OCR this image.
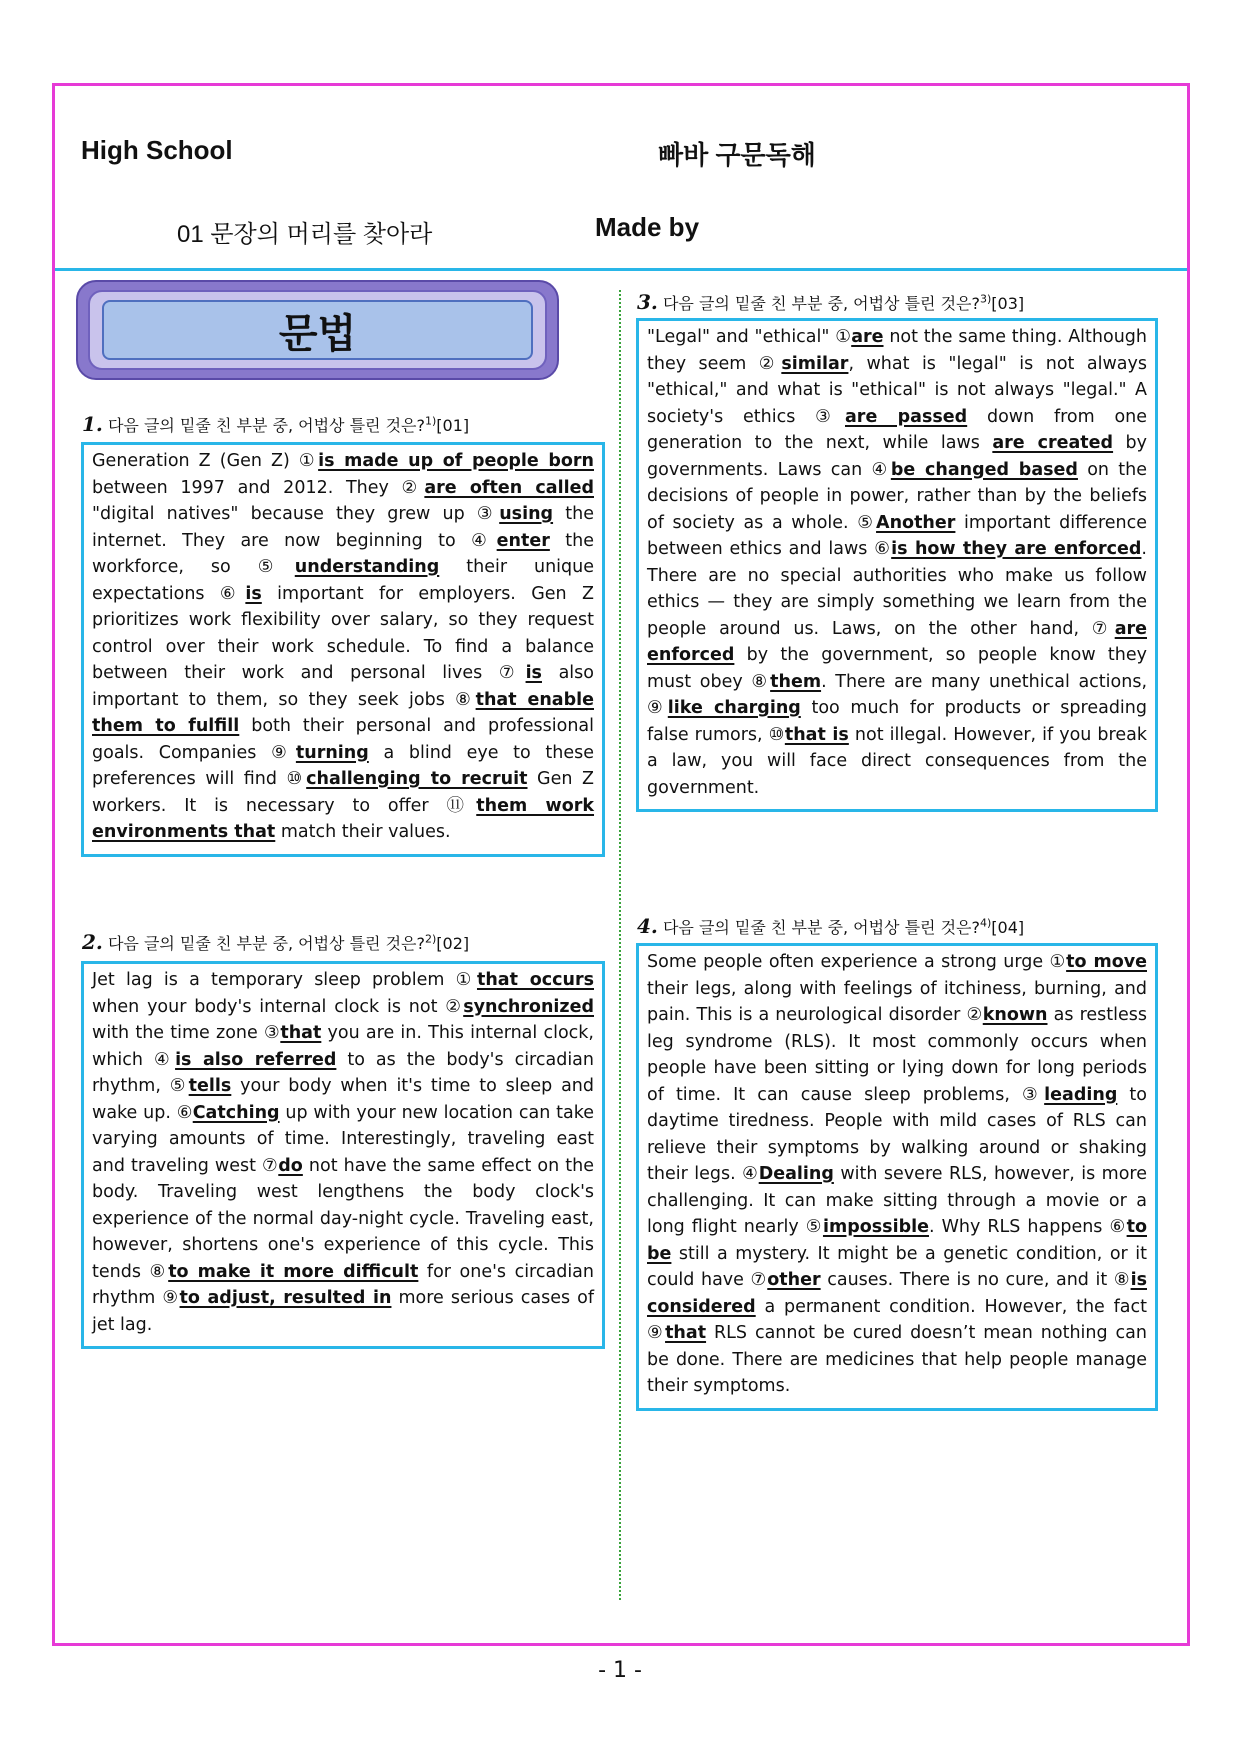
High School	빠바 구문독해
01 문장의 머리를 찾아라	Made by
문법
1. 다음 글의 밑줄 친 부분 중, 어법상 틀린 것은?$^{1)}$[01]
Generation Z (Gen Z) ①is made up of people born between 1997 and 2012. They ②are often called "digital natives" because they grew up ③using the internet. They are now beginning to ④enter the workforce, so ⑤understanding their unique expectations ⑥is important for employers. Gen Z prioritizes work flexibility over salary, so they request control over their work schedule. To find a balance between their work and personal lives ⑦is also important to them, so they seek jobs ⑧that enable them to fulfill both their personal and professional goals. Companies ⑨turning a blind eye to these preferences will find ⑩challenging to recruit Gen Z workers. It is necessary to offer ⑪them work environments that match their values.
2. 다음 글의 밑줄 친 부분 중, 어법상 틀린 것은?$^{2)}$[02]
Jet lag is a temporary sleep problem ①that occurs when your body's internal clock is not ②synchronized with the time zone ③that you are in. This internal clock, which ④is also referred to as the body's circadian rhythm, ⑤tells your body when it's time to sleep and wake up. ⑥Catching up with your new location can take varying amounts of time. Interestingly, traveling east and traveling west ⑦do not have the same effect on the body. Traveling west lengthens the body clock's experience of the normal day-night cycle. Traveling east, however, shortens one's experience of this cycle. This tends ⑧to make it more difficult for one's circadian rhythm ⑨to adjust, resulted in more serious cases of jet lag.
3. 다음 글의 밑줄 친 부분 중, 어법상 틀린 것은?$^{3)}$[03]
"Legal" and "ethical" ①are not the same thing. Although they seem ②similar, what is "legal" is not always "ethical," and what is "ethical" is not always "legal." A society's ethics ③are passed down from one generation to the next, while laws are created by governments. Laws can ④be changed based on the decisions of people in power, rather than by the beliefs of society as a whole. ⑤Another important difference between ethics and laws ⑥is how they are enforced. There are no special authorities who make us follow ethics — they are simply something we learn from the people around us. Laws, on the other hand, ⑦are enforced by the government, so people know they must obey ⑧them. There are many unethical actions, ⑨like charging too much for products or spreading false rumors, ⑩that is not illegal. However, if you break a law, you will face direct consequences from the government.
4. 다음 글의 밑줄 친 부분 중, 어법상 틀린 것은?$^{4)}$[04]
Some people often experience a strong urge ①to move their legs, along with feelings of itchiness, burning, and pain. This is a neurological disorder ②known as restless leg syndrome (RLS). It most commonly occurs when people have been sitting or lying down for long periods of time. It can cause sleep problems, ③leading to daytime tiredness. People with mild cases of RLS can relieve their symptoms by walking around or shaking their legs. ④Dealing with severe RLS, however, is more challenging. It can make sitting through a movie or a long flight nearly ⑤impossible. Why RLS happens ⑥to be still a mystery. It might be a genetic condition, or it could have ⑦other causes. There is no cure, and it ⑧is considered a permanent condition. However, the fact ⑨that RLS cannot be cured doesn’t mean nothing can be done. There are medicines that help people manage their symptoms.
- 1 -
